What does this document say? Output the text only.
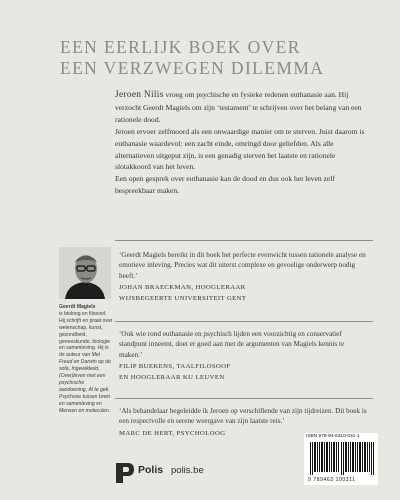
EEN EERLIJK BOEK OVER
EEN VERZWEGEN DILEMMA

Jeroen Nilis vroeg om psychische en fysieke redenen euthanasie aan. Hij verzocht Geerdt Magiels om zijn ‘testament’ te schrijven over het belang van een rationele dood.

Jeroen ervoer zelfmoord als een onwaardige manier om te sterven. Juist daarom is euthanasie waardevol: een zacht einde, omringd door geliefden. Als alle alternatieven uitgeput zijn, is een genadig sterven het laatste en rationele slotakkoord van het leven.

Een open gesprek over euthanasie kan de dood en dus ook het leven zelf bespreekbaar maken.

Geerdt Magiels
is bioloog en filosoof. Hij schrijft en praat over wetenschap, kunst, gezondheid, geneeskunde, biologie en samenleving. Hij is de auteur van Met Freud en Darwin op de sofa, Ingewikkeld, (Over)leven met een psychische aandoening, Al te gek. Psychose tussen brein en samenleving en Mensen en moleculen.

‘Geerdt Magiels bereikt in dit boek het perfecte evenwicht tussen rationele analyse en emotieve inleving. Precies wat dit uiterst complexe en gevoelige onderwerp nodig heeft.’

JOHAN BRAECKMAN, HOOGLERAAR
WIJSBEGEERTE UNIVERSITEIT GENT

‘Ook wie rond euthanasie en psychisch lijden een voorzichtig en conservatief standpunt inneemt, doet er goed aan met de argumenten van Magiels kennis te maken.’

FILIP BUEKENS, TAALFILOSOOF
EN HOOGLERAAR KU LEUVEN

‘Als behandelaar begeleidde ik Jeroen op verschillende van zijn tijdreizen. Dit boek is een respectvolle en serene weergave van zijn laatste reis.’

MARC DE HERT, PSYCHOLOOG	ISBN 978-94-6310-031-1
9 789463 100311
Polis polis.be
